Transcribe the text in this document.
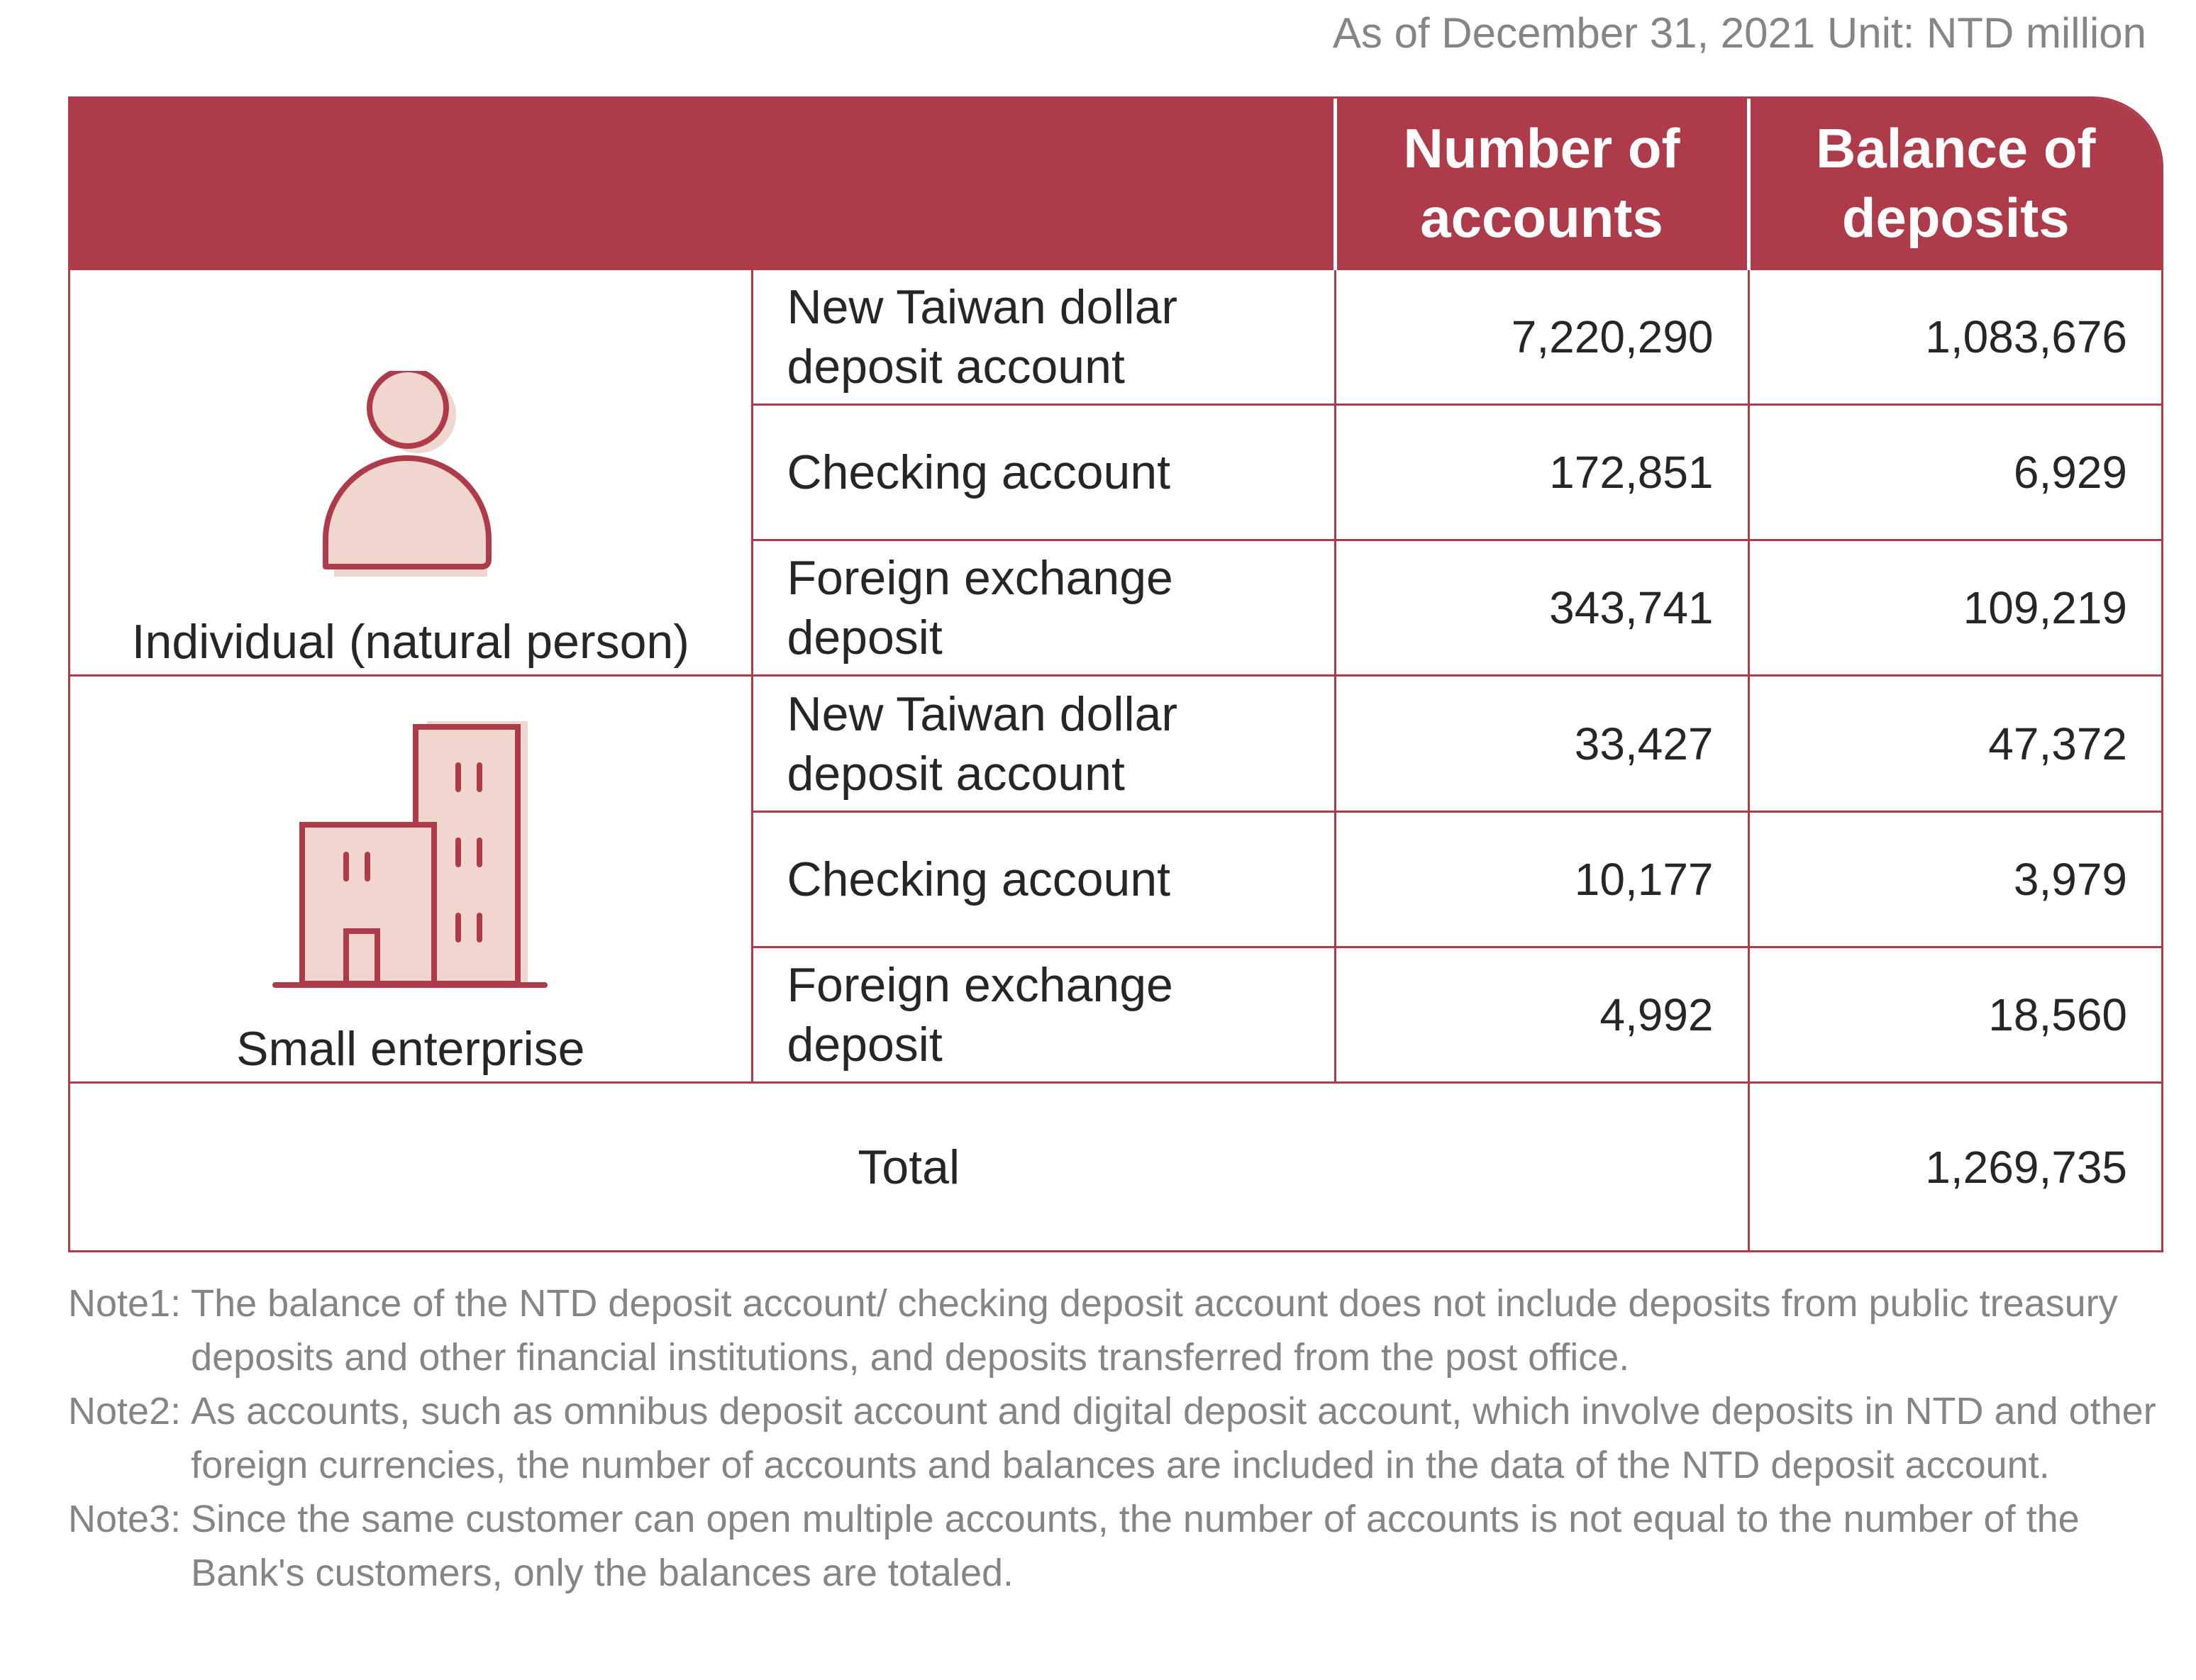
As of December 31, 2021 Unit: NTD million
		Number of accounts	Balance of deposits

Individual (natural person)	New Taiwan dollar deposit account	7,220,290	1,083,676
	Checking account	172,851	6,929
	Foreign exchange deposit	343,741	109,219

Small enterprise	New Taiwan dollar deposit account	33,427	47,372
	Checking account	10,177	3,979
	Foreign exchange deposit	4,992	18,560
Total			1,269,735
Note1: The balance of the NTD deposit account/ checking deposit account does not include deposits from public treasury deposits and other financial institutions, and deposits transferred from the post office.
Note2: As accounts, such as omnibus deposit account and digital deposit account, which involve deposits in NTD and other foreign currencies, the number of accounts and balances are included in the data of the NTD deposit account.
Note3: Since the same customer can open multiple accounts, the number of accounts is not equal to the number of the Bank's customers, only the balances are totaled.
